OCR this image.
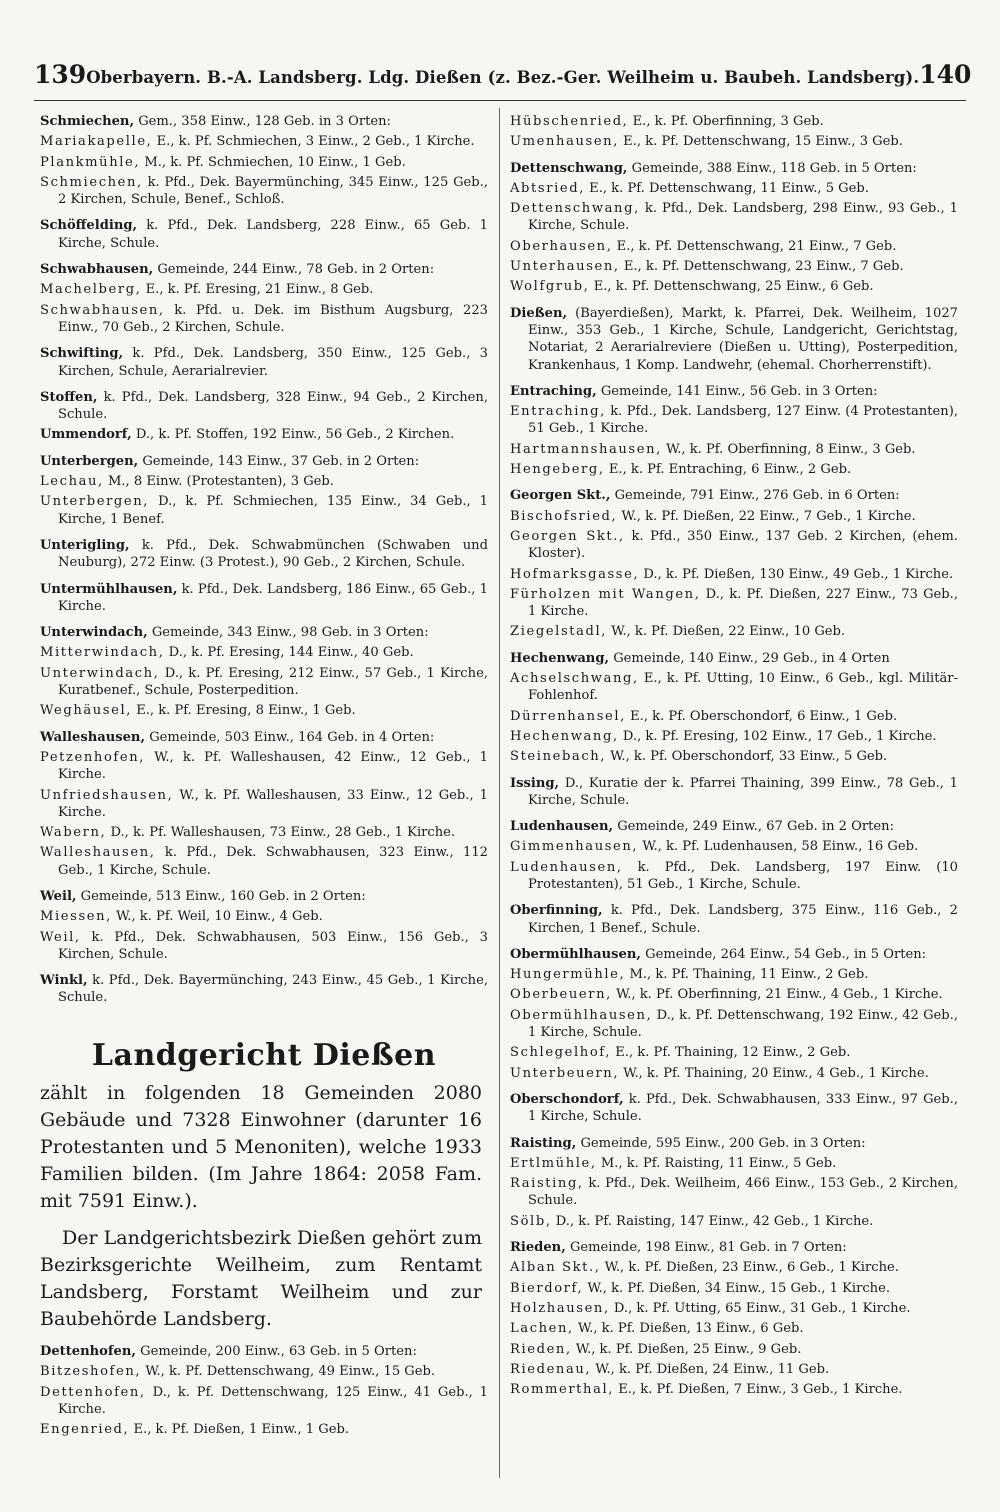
139 Oberbayern. B.-A. Landsberg. Ldg. Dießen (z. Bez.-Ger. Weilheim u. Baubeh. Landsberg). 140

Schmiechen, Gem., 358 Einw., 128 Geb. in 3 Orten:

Mariakapelle, E., k. Pf. Schmiechen, 3 Einw., 2 Geb., 1 Kirche.

Plankmühle, M., k. Pf. Schmiechen, 10 Einw., 1 Geb.

Schmiechen, k. Pfd., Dek. Bayermünchi̇ng, 345 Einw., 125 Geb., 2 Kirchen, Schule, Benef., Schloß.

Schöffelding, k. Pfd., Dek. Landsberg, 228 Einw., 65 Geb. 1 Kirche, Schule.

Schwabhausen, Gemeinde, 244 Einw., 78 Geb. in 2 Orten:

Machelberg, E., k. Pf. Eresing, 21 Einw., 8 Geb.

Schwabhausen, k. Pfd. u. Dek. im Bisthum Augsburg, 223 Einw., 70 Geb., 2 Kirchen, Schule.

Schwifting, k. Pfd., Dek. Landsberg, 350 Einw., 125 Geb., 3 Kirchen, Schule, Aerarialrevier.

Stoffen, k. Pfd., Dek. Landsberg, 328 Einw., 94 Geb., 2 Kirchen, Schule.

Ummendorf, D., k. Pf. Stoffen, 192 Einw., 56 Geb., 2 Kirchen.

Unterbergen, Gemeinde, 143 Einw., 37 Geb. in 2 Orten:

Lechau, M., 8 Einw. (Protestanten), 3 Geb.

Unterbergen, D., k. Pf. Schmiechen, 135 Einw., 34 Geb., 1 Kirche, 1 Benef.

Unterigling, k. Pfd., Dek. Schwabmünchen (Schwaben und Neuburg), 272 Einw. (3 Protest.), 90 Geb., 2 Kirchen, Schule.

Untermühlhausen, k. Pfd., Dek. Landsberg, 186 Einw., 65 Geb., 1 Kirche.

Unterwindach, Gemeinde, 343 Einw., 98 Geb. in 3 Orten:

Mitterwindach, D., k. Pf. Eresing, 144 Einw., 40 Geb.

Unterwindach, D., k. Pf. Eresing, 212 Einw., 57 Geb., 1 Kirche, Kuratbenef., Schule, Posterpedition.

Weghäusel, E., k. Pf. Eresing, 8 Einw., 1 Geb.

Walleshausen, Gemeinde, 503 Einw., 164 Geb. in 4 Orten:

Petzenhofen, W., k. Pf. Walleshausen, 42 Einw., 12 Geb., 1 Kirche.

Unfriedshausen, W., k. Pf. Walleshausen, 33 Einw., 12 Geb., 1 Kirche.

Wabern, D., k. Pf. Walleshausen, 73 Einw., 28 Geb., 1 Kirche.

Walleshausen, k. Pfd., Dek. Schwabhausen, 323 Einw., 112 Geb., 1 Kirche, Schule.

Weil, Gemeinde, 513 Einw., 160 Geb. in 2 Orten:

Miessen, W., k. Pf. Weil, 10 Einw., 4 Geb.

Weil, k. Pfd., Dek. Schwabhausen, 503 Einw., 156 Geb., 3 Kirchen, Schule.

Winkl, k. Pfd., Dek. Bayermünching, 243 Einw., 45 Geb., 1 Kirche, Schule.

Landgericht Dießen

zählt in folgenden 18 Gemeinden 2080 Gebäude und 7328 Einwohner (darunter 16 Protestanten und 5 Menoniten), welche 1933 Familien bilden. (Im Jahre 1864: 2058 Fam. mit 7591 Einw.).

Der Landgerichtsbezirk Dießen gehört zum Bezirksgerichte Weilheim, zum Rentamt Landsberg, Forstamt Weilheim und zur Baubehörde Landsberg.

Dettenhofen, Gemeinde, 200 Einw., 63 Geb. in 5 Orten:

Bitzeshofen, W., k. Pf. Dettenschwang, 49 Einw., 15 Geb.

Dettenhofen, D., k. Pf. Dettenschwang, 125 Einw., 41 Geb., 1 Kirche.

Engenried, E., k. Pf. Dießen, 1 Einw., 1 Geb.

Hübschenried, E., k. Pf. Oberfinning, 3 Geb.

Umenhausen, E., k. Pf. Dettenschwang, 15 Einw., 3 Geb.

Dettenschwang, Gemeinde, 388 Einw., 118 Geb. in 5 Orten:

Abtsried, E., k. Pf. Dettenschwang, 11 Einw., 5 Geb.

Dettenschwang, k. Pfd., Dek. Landsberg, 298 Einw., 93 Geb., 1 Kirche, Schule.

Oberhausen, E., k. Pf. Dettenschwang, 21 Einw., 7 Geb.

Unterhausen, E., k. Pf. Dettenschwang, 23 Einw., 7 Geb.

Wolfgrub, E., k. Pf. Dettenschwang, 25 Einw., 6 Geb.

Dießen, (Bayerdießen), Markt, k. Pfarrei, Dek. Weilheim, 1027 Einw., 353 Geb., 1 Kirche, Schule, Landgericht, Gerichtstag, Notariat, 2 Aerarialreviere (Dießen u. Utting), Posterpedition, Krankenhaus, 1 Komp. Landwehr, (ehemal. Chorherrenstift).

Entraching, Gemeinde, 141 Einw., 56 Geb. in 3 Orten:

Entraching, k. Pfd., Dek. Landsberg, 127 Einw. (4 Protestanten), 51 Geb., 1 Kirche.

Hartmannshausen, W., k. Pf. Oberfinning, 8 Einw., 3 Geb.

Hengeberg, E., k. Pf. Entraching, 6 Einw., 2 Geb.

Georgen Skt., Gemeinde, 791 Einw., 276 Geb. in 6 Orten:

Bischofsried, W., k. Pf. Dießen, 22 Einw., 7 Geb., 1 Kirche.

Georgen Skt., k. Pfd., 350 Einw., 137 Geb. 2 Kirchen, (ehem. Kloster).

Hofmarksgasse, D., k. Pf. Dießen, 130 Einw., 49 Geb., 1 Kirche.

Fürholzen mit Wangen, D., k. Pf. Dießen, 227 Einw., 73 Geb., 1 Kirche.

Ziegelstadl, W., k. Pf. Dießen, 22 Einw., 10 Geb.

Hechenwang, Gemeinde, 140 Einw., 29 Geb., in 4 Orten

Achselschwang, E., k. Pf. Utting, 10 Einw., 6 Geb., kgl. Militär-Fohlenhof.

Dürrenhansel, E., k. Pf. Oberschondorf, 6 Einw., 1 Geb.

Hechenwang, D., k. Pf. Eresing, 102 Einw., 17 Geb., 1 Kirche.

Steinebach, W., k. Pf. Oberschondorf, 33 Einw., 5 Geb.

Issing, D., Kuratie der k. Pfarrei Thaining, 399 Einw., 78 Geb., 1 Kirche, Schule.

Ludenhausen, Gemeinde, 249 Einw., 67 Geb. in 2 Orten:

Gimmenhausen, W., k. Pf. Ludenhausen, 58 Einw., 16 Geb.

Ludenhausen, k. Pfd., Dek. Landsberg, 197 Einw. (10 Protestanten), 51 Geb., 1 Kirche, Schule.

Oberfinning, k. Pfd., Dek. Landsberg, 375 Einw., 116 Geb., 2 Kirchen, 1 Benef., Schule.

Obermühlhausen, Gemeinde, 264 Einw., 54 Geb., in 5 Orten:

Hungermühle, M., k. Pf. Thaining, 11 Einw., 2 Geb.

Oberbeuern, W., k. Pf. Oberfinning, 21 Einw., 4 Geb., 1 Kirche.

Obermühlhausen, D., k. Pf. Dettenschwang, 192 Einw., 42 Geb., 1 Kirche, Schule.

Schlegelhof, E., k. Pf. Thaining, 12 Einw., 2 Geb.

Unterbeuern, W., k. Pf. Thaining, 20 Einw., 4 Geb., 1 Kirche.

Oberschondorf, k. Pfd., Dek. Schwabhausen, 333 Einw., 97 Geb., 1 Kirche, Schule.

Raisting, Gemeinde, 595 Einw., 200 Geb. in 3 Orten:

Ertlmühle, M., k. Pf. Raisting, 11 Einw., 5 Geb.

Raisting, k. Pfd., Dek. Weilheim, 466 Einw., 153 Geb., 2 Kirchen, Schule.

Sölb, D., k. Pf. Raisting, 147 Einw., 42 Geb., 1 Kirche.

Rieden, Gemeinde, 198 Einw., 81 Geb. in 7 Orten:

Alban Skt., W., k. Pf. Dießen, 23 Einw., 6 Geb., 1 Kirche.

Bierdorf, W., k. Pf. Dießen, 34 Einw., 15 Geb., 1 Kirche.

Holzhausen, D., k. Pf. Utting, 65 Einw., 31 Geb., 1 Kirche.

Lachen, W., k. Pf. Dießen, 13 Einw., 6 Geb.

Rieden, W., k. Pf. Dießen, 25 Einw., 9 Geb.

Riedenau, W., k. Pf. Dießen, 24 Einw., 11 Geb.

Rommerthal, E., k. Pf. Dießen, 7 Einw., 3 Geb., 1 Kirche.
